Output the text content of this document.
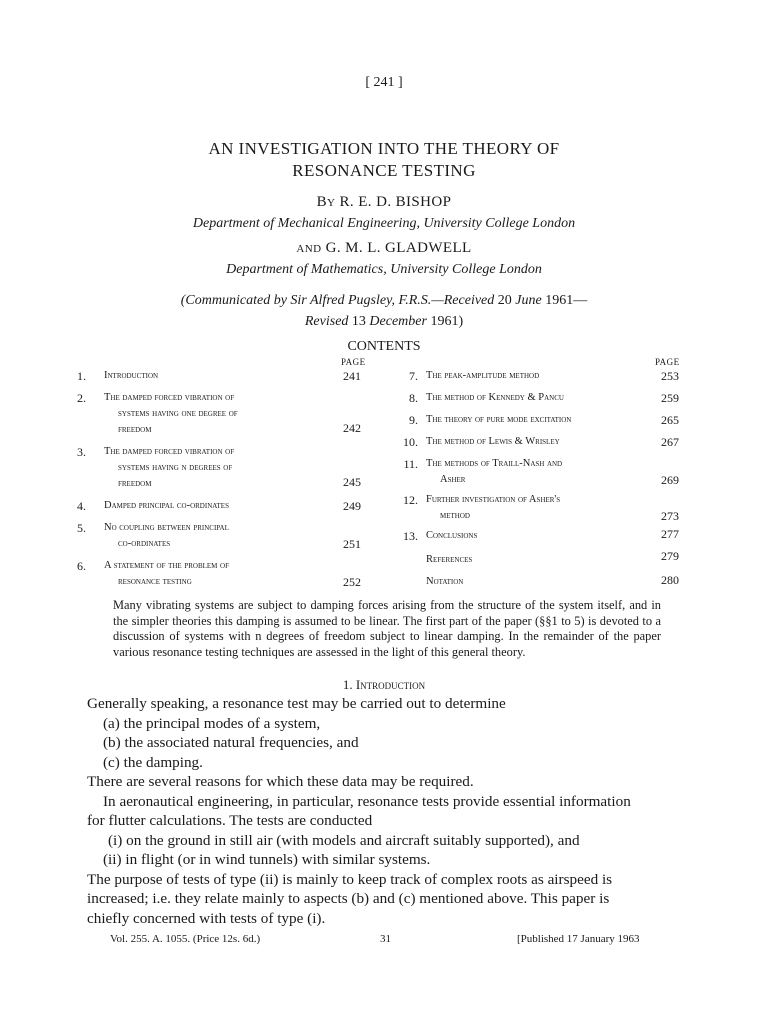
[ 241 ]
AN INVESTIGATION INTO THE THEORY OF
RESONANCE TESTING
By R. E. D. BISHOP
Department of Mechanical Engineering, University College London
and G. M. L. GLADWELL
Department of Mathematics, University College London
(Communicated by Sir Alfred Pugsley, F.R.S.—Received 20 June 1961—
Revised 13 December 1961)
CONTENTS
PAGE	PAGE
1. Introduction	241
2. The damped forced vibration of
systems having one degree of
freedom	242
3. The damped forced vibration of
systems having n degrees of
freedom	245
4. Damped principal co-ordinates	249
5. No coupling between principal
co-ordinates	251
6. A statement of the problem of
resonance testing	252
7. The peak-amplitude method	253
8. The method of Kennedy & Pancu	259
9. The theory of pure mode excitation	265
10. The method of Lewis & Wrisley	267
11. The methods of Traill-Nash and
Asher	269
12. Further investigation of Asher's
method	273
13. Conclusions	277
References	279
Notation	280
Many vibrating systems are subject to damping forces arising from the structure of the system itself, and in the simpler theories this damping is assumed to be linear. The first part of the paper (§§1 to 5) is devoted to a discussion of systems with n degrees of freedom subject to linear damping. In the remainder of the paper various resonance testing techniques are assessed in the light of this general theory.
1. Introduction
Generally speaking, a resonance test may be carried out to determine
(a) the principal modes of a system,
(b) the associated natural frequencies, and
(c) the damping.
There are several reasons for which these data may be required.
In aeronautical engineering, in particular, resonance tests provide essential information
for flutter calculations. The tests are conducted
(i) on the ground in still air (with models and aircraft suitably supported), and
(ii) in flight (or in wind tunnels) with similar systems.
The purpose of tests of type (ii) is mainly to keep track of complex roots as airspeed is
increased; i.e. they relate mainly to aspects (b) and (c) mentioned above. This paper is
chiefly concerned with tests of type (i).
Vol. 255. A. 1055. (Price 12s. 6d.)	31	[Published 17 January 1963
